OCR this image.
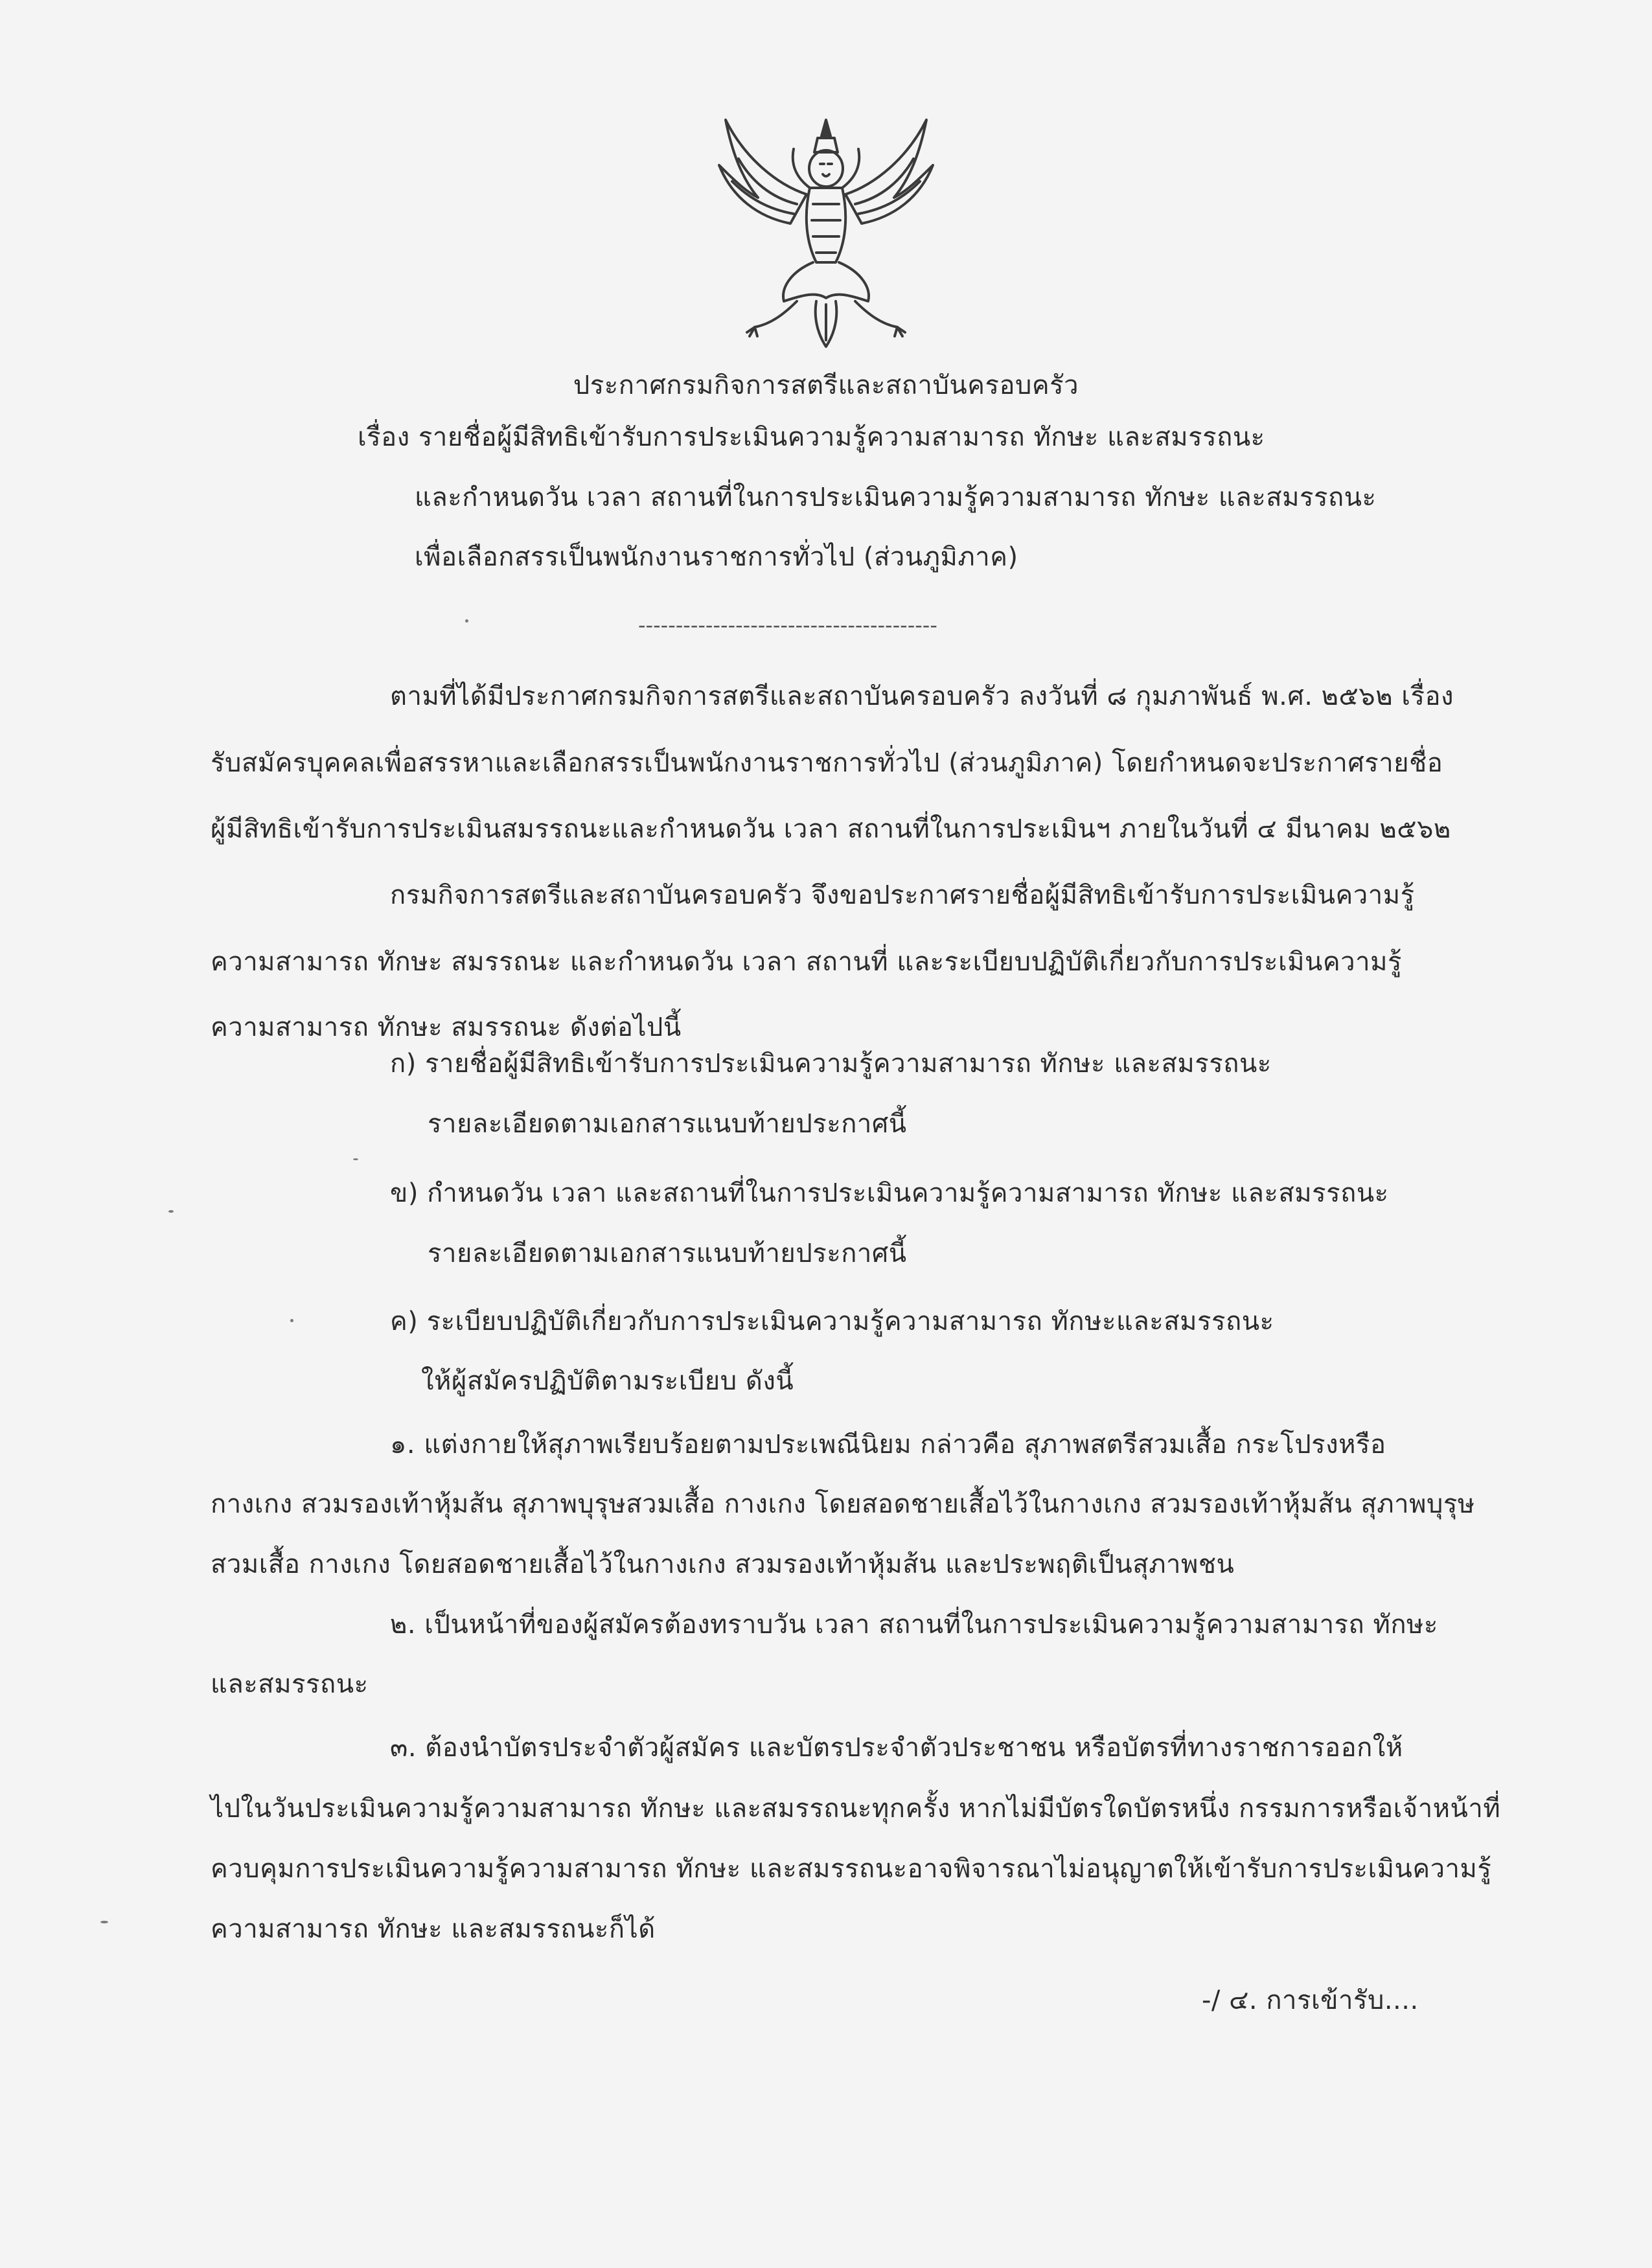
ประกาศกรมกิจการสตรีและสถาบันครอบครัว
เรื่อง รายชื่อผู้มีสิทธิเข้ารับการประเมินความรู้ความสามารถ ทักษะ และสมรรถนะ
และกำหนดวัน เวลา สถานที่ในการประเมินความรู้ความสามารถ ทักษะ และสมรรถนะ
เพื่อเลือกสรรเป็นพนักงานราชการทั่วไป (ส่วนภูมิภาค)
----------------------------------------
ตามที่ได้มีประกาศกรมกิจการสตรีและสถาบันครอบครัว ลงวันที่ ๘ กุมภาพันธ์ พ.ศ. ๒๕๖๒ เรื่อง
รับสมัครบุคคลเพื่อสรรหาและเลือกสรรเป็นพนักงานราชการทั่วไป (ส่วนภูมิภาค) โดยกำหนดจะประกาศรายชื่อ
ผู้มีสิทธิเข้ารับการประเมินสมรรถนะและกำหนดวัน เวลา สถานที่ในการประเมินฯ ภายในวันที่ ๔ มีนาคม ๒๕๖๒
กรมกิจการสตรีและสถาบันครอบครัว จึงขอประกาศรายชื่อผู้มีสิทธิเข้ารับการประเมินความรู้
ความสามารถ ทักษะ สมรรถนะ และกำหนดวัน เวลา สถานที่ และระเบียบปฏิบัติเกี่ยวกับการประเมินความรู้
ความสามารถ ทักษะ สมรรถนะ ดังต่อไปนี้
ก) รายชื่อผู้มีสิทธิเข้ารับการประเมินความรู้ความสามารถ ทักษะ และสมรรถนะ
รายละเอียดตามเอกสารแนบท้ายประกาศนี้
ข) กำหนดวัน เวลา และสถานที่ในการประเมินความรู้ความสามารถ ทักษะ และสมรรถนะ
รายละเอียดตามเอกสารแนบท้ายประกาศนี้
ค) ระเบียบปฏิบัติเกี่ยวกับการประเมินความรู้ความสามารถ ทักษะและสมรรถนะ
ให้ผู้สมัครปฏิบัติตามระเบียบ ดังนี้
๑. แต่งกายให้สุภาพเรียบร้อยตามประเพณีนิยม กล่าวคือ สุภาพสตรีสวมเสื้อ กระโปรงหรือ
กางเกง สวมรองเท้าหุ้มส้น สุภาพบุรุษสวมเสื้อ กางเกง โดยสอดชายเสื้อไว้ในกางเกง สวมรองเท้าหุ้มส้น สุภาพบุรุษ
สวมเสื้อ กางเกง โดยสอดชายเสื้อไว้ในกางเกง สวมรองเท้าหุ้มส้น และประพฤติเป็นสุภาพชน
๒. เป็นหน้าที่ของผู้สมัครต้องทราบวัน เวลา สถานที่ในการประเมินความรู้ความสามารถ ทักษะ
และสมรรถนะ
๓. ต้องนำบัตรประจำตัวผู้สมัคร และบัตรประจำตัวประชาชน หรือบัตรที่ทางราชการออกให้
ไปในวันประเมินความรู้ความสามารถ ทักษะ และสมรรถนะทุกครั้ง หากไม่มีบัตรใดบัตรหนึ่ง กรรมการหรือเจ้าหน้าที่
ควบคุมการประเมินความรู้ความสามารถ ทักษะ และสมรรถนะอาจพิจารณาไม่อนุญาตให้เข้ารับการประเมินความรู้
ความสามารถ ทักษะ และสมรรถนะก็ได้
-/ ๔. การเข้ารับ....
